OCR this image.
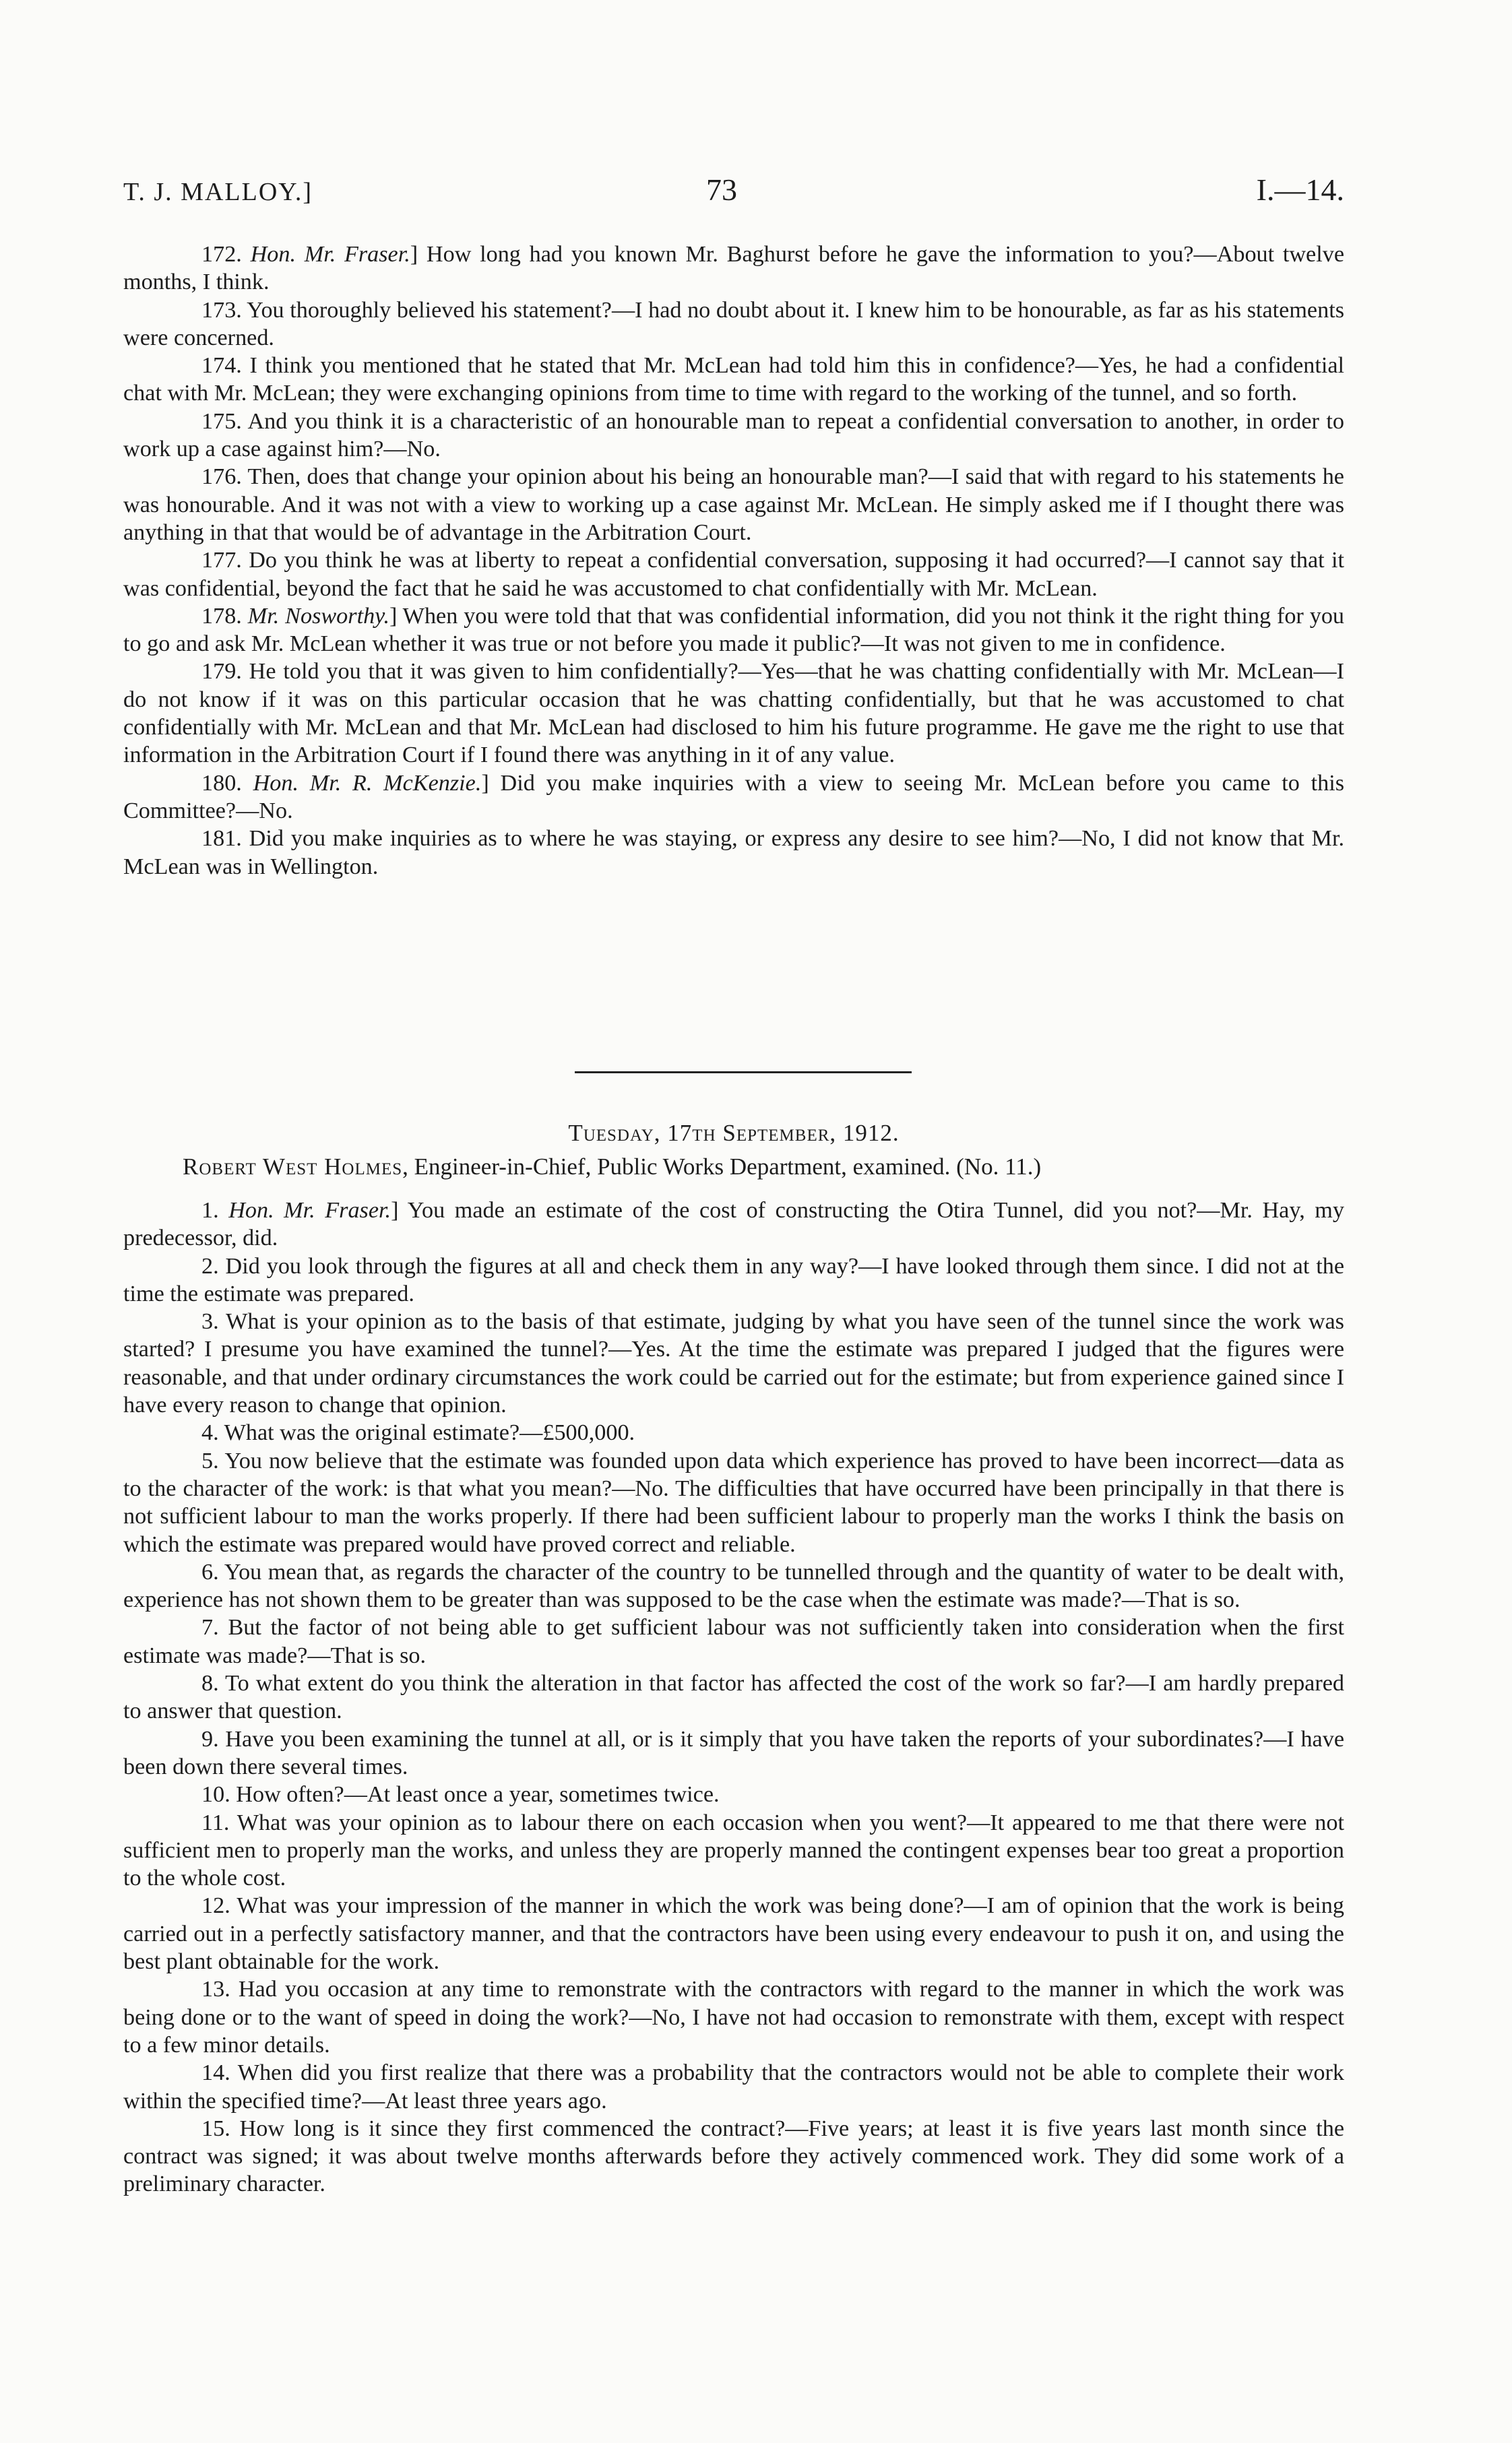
T. J. MALLOY.]	73	I.—14.

172. Hon. Mr. Fraser.] How long had you known Mr. Baghurst before he gave the information to you?—About twelve months, I think.

173. You thoroughly believed his statement?—I had no doubt about it. I knew him to be honourable, as far as his statements were concerned.

174. I think you mentioned that he stated that Mr. McLean had told him this in confidence?—Yes, he had a confidential chat with Mr. McLean; they were exchanging opinions from time to time with regard to the working of the tunnel, and so forth.

175. And you think it is a characteristic of an honourable man to repeat a confidential conversation to another, in order to work up a case against him?—No.

176. Then, does that change your opinion about his being an honourable man?—I said that with regard to his statements he was honourable. And it was not with a view to working up a case against Mr. McLean. He simply asked me if I thought there was anything in that that would be of advantage in the Arbitration Court.

177. Do you think he was at liberty to repeat a confidential conversation, supposing it had occurred?—I cannot say that it was confidential, beyond the fact that he said he was accustomed to chat confidentially with Mr. McLean.

178. Mr. Nosworthy.] When you were told that that was confidential information, did you not think it the right thing for you to go and ask Mr. McLean whether it was true or not before you made it public?—It was not given to me in confidence.

179. He told you that it was given to him confidentially?—Yes—that he was chatting confidentially with Mr. McLean—I do not know if it was on this particular occasion that he was chatting confidentially, but that he was accustomed to chat confidentially with Mr. McLean and that Mr. McLean had disclosed to him his future programme. He gave me the right to use that information in the Arbitration Court if I found there was anything in it of any value.

180. Hon. Mr. R. McKenzie.] Did you make inquiries with a view to seeing Mr. McLean before you came to this Committee?—No.

181. Did you make inquiries as to where he was staying, or express any desire to see him?—No, I did not know that Mr. McLean was in Wellington.

Tuesday, 17th September, 1912.
Robert West Holmes, Engineer-in-Chief, Public Works Department, examined. (No. 11.)

1. Hon. Mr. Fraser.] You made an estimate of the cost of constructing the Otira Tunnel, did you not?—Mr. Hay, my predecessor, did.

2. Did you look through the figures at all and check them in any way?—I have looked through them since. I did not at the time the estimate was prepared.

3. What is your opinion as to the basis of that estimate, judging by what you have seen of the tunnel since the work was started? I presume you have examined the tunnel?—Yes. At the time the estimate was prepared I judged that the figures were reasonable, and that under ordinary circumstances the work could be carried out for the estimate; but from experience gained since I have every reason to change that opinion.

4. What was the original estimate?—£500,000.

5. You now believe that the estimate was founded upon data which experience has proved to have been incorrect—data as to the character of the work: is that what you mean?—No. The difficulties that have occurred have been principally in that there is not sufficient labour to man the works properly. If there had been sufficient labour to properly man the works I think the basis on which the estimate was prepared would have proved correct and reliable.

6. You mean that, as regards the character of the country to be tunnelled through and the quantity of water to be dealt with, experience has not shown them to be greater than was supposed to be the case when the estimate was made?—That is so.

7. But the factor of not being able to get sufficient labour was not sufficiently taken into consideration when the first estimate was made?—That is so.

8. To what extent do you think the alteration in that factor has affected the cost of the work so far?—I am hardly prepared to answer that question.

9. Have you been examining the tunnel at all, or is it simply that you have taken the reports of your subordinates?—I have been down there several times.

10. How often?—At least once a year, sometimes twice.

11. What was your opinion as to labour there on each occasion when you went?—It appeared to me that there were not sufficient men to properly man the works, and unless they are properly manned the contingent expenses bear too great a proportion to the whole cost.

12. What was your impression of the manner in which the work was being done?—I am of opinion that the work is being carried out in a perfectly satisfactory manner, and that the contractors have been using every endeavour to push it on, and using the best plant obtainable for the work.

13. Had you occasion at any time to remonstrate with the contractors with regard to the manner in which the work was being done or to the want of speed in doing the work?—No, I have not had occasion to remonstrate with them, except with respect to a few minor details.

14. When did you first realize that there was a probability that the contractors would not be able to complete their work within the specified time?—At least three years ago.

15. How long is it since they first commenced the contract?—Five years; at least it is five years last month since the contract was signed; it was about twelve months afterwards before they actively commenced work. They did some work of a preliminary character.
